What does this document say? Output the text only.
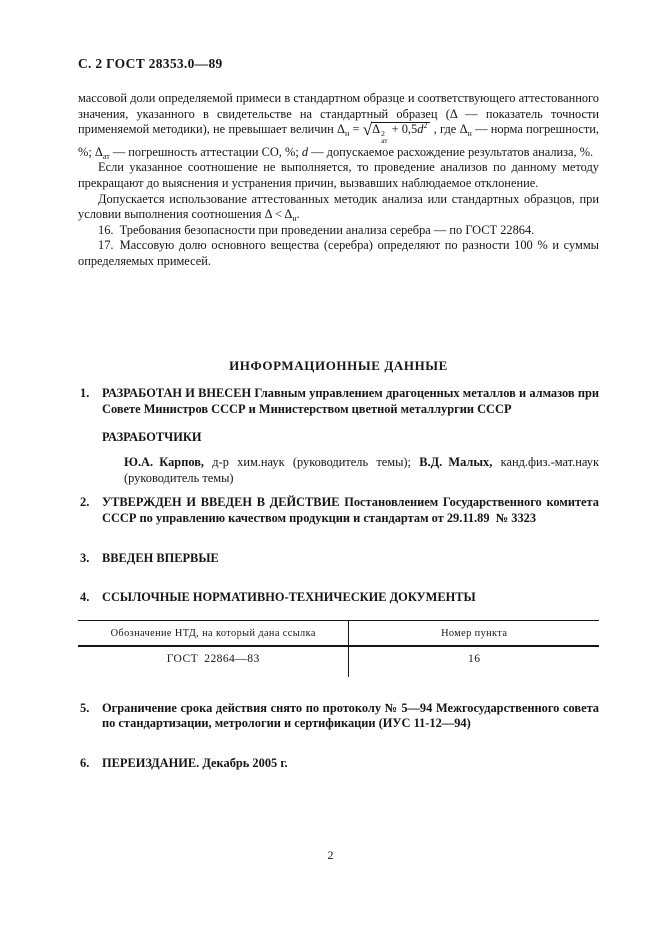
С. 2 ГОСТ 28353.0—89

массовой доли определяемой примеси в стандартном образце и соответствующего аттестованного значения, указанного в свидетельстве на стандартный образец (Δ — показатель точности применяемой методики), не превышает величин $\Delta_н = √\Delta$ 2
ат
+ $0,5d^2$ , где $\Delta_н$ — норма погрешности, %; $\Delta_{ат}$ — погрешность аттестации СО, %; d — допускаемое расхождение результатов анализа, %.

Если указанное соотношение не выполняется, то проведение анализов по данному методу прекращают до выяснения и устранения причин, вызвавших наблюдаемое отклонение.

Допускается использование аттестованных методик анализа или стандартных образцов, при условии выполнения соотношения $\Delta < \Delta_н$.

16. Требования безопасности при проведении анализа серебра — по ГОСТ 22864.

17. Массовую долю основного вещества (серебра) определяют по разности 100 % и суммы определяемых примесей.

ИНФОРМАЦИОННЫЕ ДАННЫЕ
1. РАЗРАБОТАН И ВНЕСЕН Главным управлением драгоценных металлов и алмазов при Совете Министров СССР и Министерством цветной металлургии СССР
РАЗРАБОТЧИКИ
Ю.А. Карпов, д-р хим.наук (руководитель темы); В.Д. Малых, канд.физ.-мат.наук (руководитель темы)
2. УТВЕРЖДЕН И ВВЕДЕН В ДЕЙСТВИЕ Постановлением Государственного комитета СССР по управлению качеством продукции и стандартам от 29.11.89 № 3323
3. ВВЕДЕН ВПЕРВЫЕ
4. ССЫЛОЧНЫЕ НОРМАТИВНО-ТЕХНИЧЕСКИЕ ДОКУМЕНТЫ
Обозначение НТД, на который дана ссылка	Номер пункта
ГОСТ 22864—83	16
5. Ограничение срока действия снято по протоколу № 5—94 Межгосударственного совета по стандартизации, метрологии и сертификации (ИУС 11-12—94)
6. ПЕРЕИЗДАНИЕ. Декабрь 2005 г.
2
